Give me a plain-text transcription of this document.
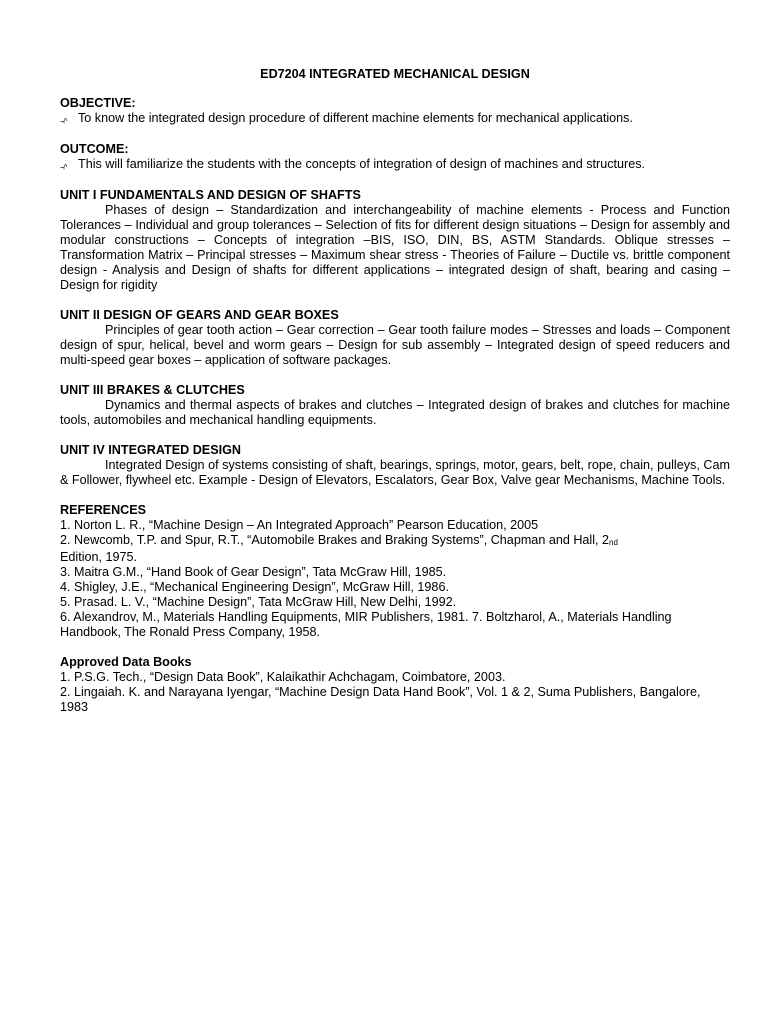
ED7204 INTEGRATED MECHANICAL DESIGN
OBJECTIVE:
¬^ To know the integrated design procedure of different machine elements for mechanical applications.
OUTCOME:
¬^ This will familiarize the students with the concepts of integration of design of machines and structures.
UNIT I FUNDAMENTALS AND DESIGN OF SHAFTS

Phases of design – Standardization and interchangeability of machine elements - Process and Function Tolerances – Individual and group tolerances – Selection of fits for different design situations – Design for assembly and modular constructions – Concepts of integration –BIS, ISO, DIN, BS, ASTM Standards. Oblique stresses – Transformation Matrix – Principal stresses – Maximum shear stress - Theories of Failure – Ductile vs. brittle component design - Analysis and Design of shafts for different applications – integrated design of shaft, bearing and casing – Design for rigidity

UNIT II DESIGN OF GEARS AND GEAR BOXES

Principles of gear tooth action – Gear correction – Gear tooth failure modes – Stresses and loads – Component design of spur, helical, bevel and worm gears – Design for sub assembly – Integrated design of speed reducers and multi-speed gear boxes – application of software packages.

UNIT III BRAKES & CLUTCHES

Dynamics and thermal aspects of brakes and clutches – Integrated design of brakes and clutches for machine tools, automobiles and mechanical handling equipments.

UNIT IV INTEGRATED DESIGN

Integrated Design of systems consisting of shaft, bearings, springs, motor, gears, belt, rope, chain, pulleys, Cam & Follower, flywheel etc. Example - Design of Elevators, Escalators, Gear Box, Valve gear Mechanisms, Machine Tools.

REFERENCES
1. Norton L. R., “Machine Design – An Integrated Approach” Pearson Education, 2005
2. Newcomb, T.P. and Spur, R.T., “Automobile Brakes and Braking Systems”, Chapman and Hall, 2nd
Edition, 1975.
3. Maitra G.M., “Hand Book of Gear Design”, Tata McGraw Hill, 1985.
4. Shigley, J.E., “Mechanical Engineering Design”, McGraw Hill, 1986.
5. Prasad. L. V., “Machine Design”, Tata McGraw Hill, New Delhi, 1992.
6. Alexandrov, M., Materials Handling Equipments, MIR Publishers, 1981. 7. Boltzharol, A., Materials Handling Handbook, The Ronald Press Company, 1958.
Approved Data Books
1. P.S.G. Tech., “Design Data Book”, Kalaikathir Achchagam, Coimbatore, 2003.
2. Lingaiah. K. and Narayana Iyengar, “Machine Design Data Hand Book”, Vol. 1 & 2, Suma Publishers, Bangalore, 1983
